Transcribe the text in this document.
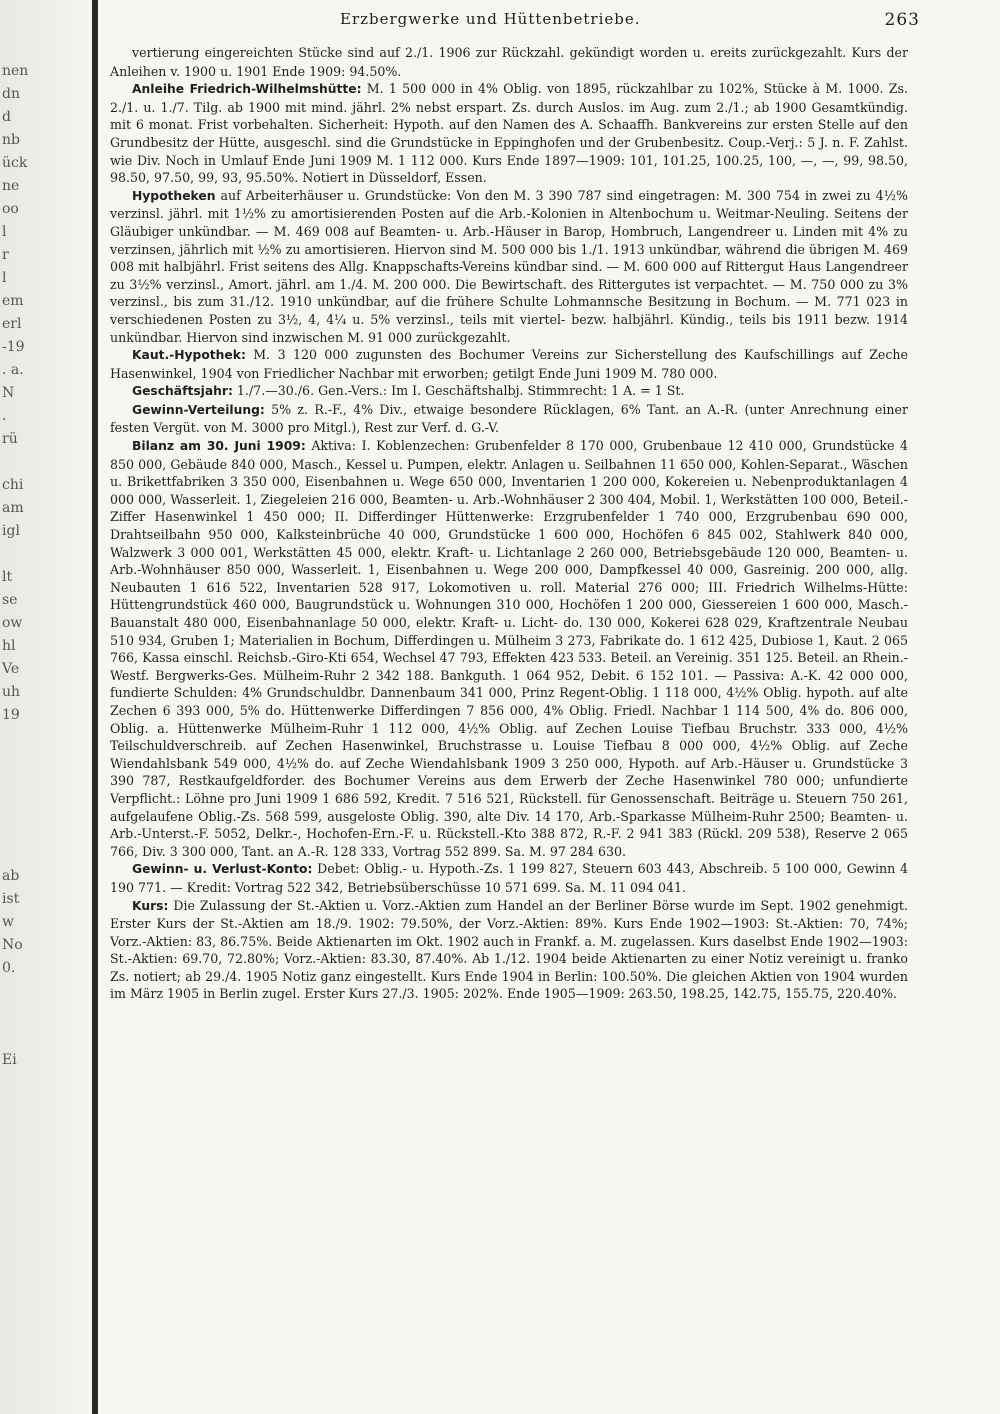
nen
dn
d
nb
ück
ne
oo
l
r
l
em
erl
-19
. a.
N
.
rü
chi
am
igl
lt
se
ow
hl
Ve
uh
19
ab
ist
w
No
0.
Ei
Erzbergwerke und Hüttenbetriebe.	263

vertierung eingereichten Stücke sind auf 2./1. 1906 zur Rückzahl. gekündigt worden u. ereits zurückgezahlt. Kurs der Anleihen v. 1900 u. 1901 Ende 1909: 94.50%.

Anleihe Friedrich-Wilhelmshütte: M. 1 500 000 in 4% Oblig. von 1895, rückzahlbar zu 102%, Stücke à M. 1000. Zs. 2./1. u. 1./7. Tilg. ab 1900 mit mind. jährl. 2% nebst erspart. Zs. durch Auslos. im Aug. zum 2./1.; ab 1900 Gesamtkündig. mit 6 monat. Frist vorbehalten. Sicherheit: Hypoth. auf den Namen des A. Schaaffh. Bankvereins zur ersten Stelle auf den Grundbesitz der Hütte, ausgeschl. sind die Grundstücke in Eppinghofen und der Grubenbesitz. Coup.-Verj.: 5 J. n. F. Zahlst. wie Div. Noch in Umlauf Ende Juni 1909 M. 1 112 000. Kurs Ende 1897—1909: 101, 101.25, 100.25, 100, —, —, 99, 98.50, 98.50, 97.50, 99, 93, 95.50%. Notiert in Düsseldorf, Essen.

Hypotheken auf Arbeiterhäuser u. Grundstücke: Von den M. 3 390 787 sind eingetragen: M. 300 754 in zwei zu 4½% verzinsl. jährl. mit 1½% zu amortisierenden Posten auf die Arb.-Kolonien in Altenbochum u. Weitmar-Neuling. Seitens der Gläubiger unkündbar. — M. 469 008 auf Beamten- u. Arb.-Häuser in Barop, Hombruch, Langendreer u. Linden mit 4% zu verzinsen, jährlich mit ½% zu amortisieren. Hiervon sind M. 500 000 bis 1./1. 1913 unkündbar, während die übrigen M. 469 008 mit halbjährl. Frist seitens des Allg. Knappschafts-Vereins kündbar sind. — M. 600 000 auf Rittergut Haus Langendreer zu 3½% verzinsl., Amort. jährl. am 1./4. M. 200 000. Die Bewirtschaft. des Rittergutes ist verpachtet. — M. 750 000 zu 3% verzinsl., bis zum 31./12. 1910 unkündbar, auf die frühere Schulte Lohmannsche Besitzung in Bochum. — M. 771 023 in verschiedenen Posten zu 3½, 4, 4¼ u. 5% verzinsl., teils mit viertel- bezw. halbjährl. Kündig., teils bis 1911 bezw. 1914 unkündbar. Hiervon sind inzwischen M. 91 000 zurückgezahlt.

Kaut.-Hypothek: M. 3 120 000 zugunsten des Bochumer Vereins zur Sicherstellung des Kaufschillings auf Zeche Hasenwinkel, 1904 von Friedlicher Nachbar mit erworben; getilgt Ende Juni 1909 M. 780 000.

Geschäftsjahr: 1./7.—30./6. Gen.-Vers.: Im I. Geschäftshalbj. Stimmrecht: 1 A. = 1 St.

Gewinn-Verteilung: 5% z. R.-F., 4% Div., etwaige besondere Rücklagen, 6% Tant. an A.-R. (unter Anrechnung einer festen Vergüt. von M. 3000 pro Mitgl.), Rest zur Verf. d. G.-V.

Bilanz am 30. Juni 1909: Aktiva: I. Koblenzechen: Grubenfelder 8 170 000, Grubenbaue 12 410 000, Grundstücke 4 850 000, Gebäude 840 000, Masch., Kessel u. Pumpen, elektr. Anlagen u. Seilbahnen 11 650 000, Kohlen-Separat., Wäschen u. Brikettfabriken 3 350 000, Eisenbahnen u. Wege 650 000, Inventarien 1 200 000, Kokereien u. Nebenproduktanlagen 4 000 000, Wasserleit. 1, Ziegeleien 216 000, Beamten- u. Arb.-Wohnhäuser 2 300 404, Mobil. 1, Werkstätten 100 000, Beteil.-Ziffer Hasenwinkel 1 450 000; II. Differdinger Hüttenwerke: Erzgrubenfelder 1 740 000, Erzgrubenbau 690 000, Drahtseilbahn 950 000, Kalksteinbrüche 40 000, Grundstücke 1 600 000, Hochöfen 6 845 002, Stahlwerk 840 000, Walzwerk 3 000 001, Werkstätten 45 000, elektr. Kraft- u. Lichtanlage 2 260 000, Betriebsgebäude 120 000, Beamten- u. Arb.-Wohnhäuser 850 000, Wasserleit. 1, Eisenbahnen u. Wege 200 000, Dampfkessel 40 000, Gasreinig. 200 000, allg. Neubauten 1 616 522, Inventarien 528 917, Lokomotiven u. roll. Material 276 000; III. Friedrich Wilhelms-Hütte: Hüttengrundstück 460 000, Baugrundstück u. Wohnungen 310 000, Hochöfen 1 200 000, Giessereien 1 600 000, Masch.-Bauanstalt 480 000, Eisenbahnanlage 50 000, elektr. Kraft- u. Licht- do. 130 000, Kokerei 628 029, Kraftzentrale Neubau 510 934, Gruben 1; Materialien in Bochum, Differdingen u. Mülheim 3 273, Fabrikate do. 1 612 425, Dubiose 1, Kaut. 2 065 766, Kassa einschl. Reichsb.-Giro-Kti 654, Wechsel 47 793, Effekten 423 533. Beteil. an Vereinig. 351 125. Beteil. an Rhein.-Westf. Bergwerks-Ges. Mülheim-Ruhr 2 342 188. Bankguth. 1 064 952, Debit. 6 152 101. — Passiva: A.-K. 42 000 000, fundierte Schulden: 4% Grundschuldbr. Dannenbaum 341 000, Prinz Regent-Oblig. 1 118 000, 4½% Oblig. hypoth. auf alte Zechen 6 393 000, 5% do. Hüttenwerke Differdingen 7 856 000, 4% Oblig. Friedl. Nachbar 1 114 500, 4% do. 806 000, Oblig. a. Hüttenwerke Mülheim-Ruhr 1 112 000, 4½% Oblig. auf Zechen Louise Tiefbau Bruchstr. 333 000, 4½% Teilschuldverschreib. auf Zechen Hasenwinkel, Bruchstrasse u. Louise Tiefbau 8 000 000, 4½% Oblig. auf Zeche Wiendahlsbank 549 000, 4½% do. auf Zeche Wiendahlsbank 1909 3 250 000, Hypoth. auf Arb.-Häuser u. Grundstücke 3 390 787, Restkaufgeldforder. des Bochumer Vereins aus dem Erwerb der Zeche Hasenwinkel 780 000; unfundierte Verpflicht.: Löhne pro Juni 1909 1 686 592, Kredit. 7 516 521, Rückstell. für Genossenschaft. Beiträge u. Steuern 750 261, aufgelaufene Oblig.-Zs. 568 599, ausgeloste Oblig. 390, alte Div. 14 170, Arb.-Sparkasse Mülheim-Ruhr 2500; Beamten- u. Arb.-Unterst.-F. 5052, Delkr.-, Hochofen-Ern.-F. u. Rückstell.-Kto 388 872, R.-F. 2 941 383 (Rückl. 209 538), Reserve 2 065 766, Div. 3 300 000, Tant. an A.-R. 128 333, Vortrag 552 899. Sa. M. 97 284 630.

Gewinn- u. Verlust-Konto: Debet: Oblig.- u. Hypoth.-Zs. 1 199 827, Steuern 603 443, Abschreib. 5 100 000, Gewinn 4 190 771. — Kredit: Vortrag 522 342, Betriebsüberschüsse 10 571 699. Sa. M. 11 094 041.

Kurs: Die Zulassung der St.-Aktien u. Vorz.-Aktien zum Handel an der Berliner Börse wurde im Sept. 1902 genehmigt. Erster Kurs der St.-Aktien am 18./9. 1902: 79.50%, der Vorz.-Aktien: 89%. Kurs Ende 1902—1903: St.-Aktien: 70, 74%; Vorz.-Aktien: 83, 86.75%. Beide Aktienarten im Okt. 1902 auch in Frankf. a. M. zugelassen. Kurs daselbst Ende 1902—1903: St.-Aktien: 69.70, 72.80%; Vorz.-Aktien: 83.30, 87.40%. Ab 1./12. 1904 beide Aktienarten zu einer Notiz vereinigt u. franko Zs. notiert; ab 29./4. 1905 Notiz ganz eingestellt. Kurs Ende 1904 in Berlin: 100.50%. Die gleichen Aktien von 1904 wurden im März 1905 in Berlin zugel. Erster Kurs 27./3. 1905: 202%. Ende 1905—1909: 263.50, 198.25, 142.75, 155.75, 220.40%.
